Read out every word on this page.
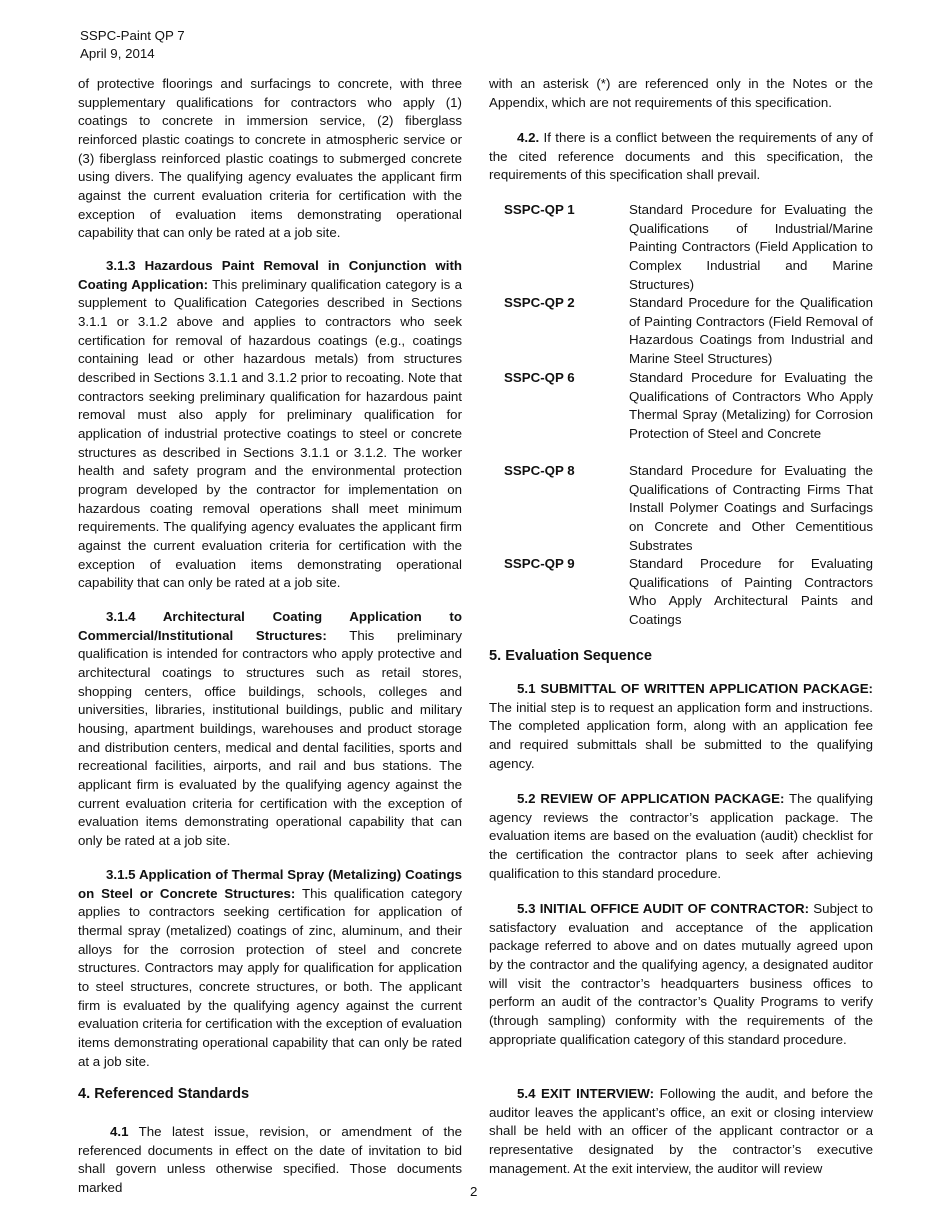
SSPC-Paint QP 7
April 9, 2014

of protective floorings and surfacings to concrete, with three supplementary qualifications for contractors who apply (1) coatings to concrete in immersion service, (2) fiberglass reinforced plastic coatings to concrete in atmospheric service or (3) fiberglass reinforced plastic coatings to submerged concrete using divers. The qualifying agency evaluates the applicant firm against the current evaluation criteria for certification with the exception of evaluation items demonstrating operational capability that can only be rated at a job site.

3.1.3 Hazardous Paint Removal in Conjunction with Coating Application: This preliminary qualification category is a supplement to Qualification Categories described in Sections 3.1.1 or 3.1.2 above and applies to contractors who seek certification for removal of hazardous coatings (e.g., coatings containing lead or other hazardous metals) from structures described in Sections 3.1.1 and 3.1.2 prior to recoating. Note that contractors seeking preliminary qualification for hazardous paint removal must also apply for preliminary qualification for application of industrial protective coatings to steel or concrete structures as described in Sections 3.1.1 or 3.1.2. The worker health and safety program and the environmental protection program developed by the contractor for implementation on hazardous coating removal operations shall meet minimum requirements. The qualifying agency evaluates the applicant firm against the current evaluation criteria for certification with the exception of evaluation items demonstrating operational capability that can only be rated at a job site.

3.1.4 Architectural Coating Application to Commercial/Institutional Structures: This preliminary qualification is intended for contractors who apply protective and architectural coatings to structures such as retail stores, shopping centers, office buildings, schools, colleges and universities, libraries, institutional buildings, public and military housing, apartment buildings, warehouses and product storage and distribution centers, medical and dental facilities, sports and recreational facilities, airports, and rail and bus stations. The applicant firm is evaluated by the qualifying agency against the current evaluation criteria for certification with the exception of evaluation items demonstrating operational capability that can only be rated at a job site.

3.1.5 Application of Thermal Spray (Metalizing) Coatings on Steel or Concrete Structures: This qualification category applies to contractors seeking certification for application of thermal spray (metalized) coatings of zinc, aluminum, and their alloys for the corrosion protection of steel and concrete structures. Contractors may apply for qualification for application to steel structures, concrete structures, or both. The applicant firm is evaluated by the qualifying agency against the current evaluation criteria for certification with the exception of evaluation items demonstrating operational capability that can only be rated at a job site.

4. Referenced Standards

4.1 The latest issue, revision, or amendment of the referenced documents in effect on the date of invitation to bid shall govern unless otherwise specified. Those documents marked

with an asterisk (*) are referenced only in the Notes or the Appendix, which are not requirements of this specification.

4.2. If there is a conflict between the requirements of any of the cited reference documents and this specification, the requirements of this specification shall prevail.

SSPC-QP 1	Standard Procedure for Evaluating the Qualifications of Industrial/Marine Painting Contractors (Field Application to Complex Industrial and Marine Structures)
SSPC-QP 2	Standard Procedure for the Qualification of Painting Contractors (Field Removal of Hazardous Coatings from Industrial and Marine Steel Structures)
SSPC-QP 6	Standard Procedure for Evaluating the Qualifications of Contractors Who Apply Thermal Spray (Metalizing) for Corrosion Protection of Steel and Concrete
SSPC-QP 8	Standard Procedure for Evaluating the Qualifications of Contracting Firms That Install Polymer Coatings and Surfacings on Concrete and Other Cementitious Substrates
SSPC-QP 9	Standard Procedure for Evaluating Qualifications of Painting Contractors Who Apply Architectural Paints and Coatings
5. Evaluation Sequence

5.1 SUBMITTAL OF WRITTEN APPLICATION PACKAGE: The initial step is to request an application form and instructions. The completed application form, along with an application fee and required submittals shall be submitted to the qualifying agency.

5.2 REVIEW OF APPLICATION PACKAGE: The qualifying agency reviews the contractor’s application package. The evaluation items are based on the evaluation (audit) checklist for the certification the contractor plans to seek after achieving qualification to this standard procedure.

5.3 INITIAL OFFICE AUDIT OF CONTRACTOR: Subject to satisfactory evaluation and acceptance of the application package referred to above and on dates mutually agreed upon by the contractor and the qualifying agency, a designated auditor will visit the contractor’s headquarters business offices to perform an audit of the contractor’s Quality Programs to verify (through sampling) conformity with the requirements of the appropriate qualification category of this standard procedure.

5.4 EXIT INTERVIEW: Following the audit, and before the auditor leaves the applicant’s office, an exit or closing interview shall be held with an officer of the applicant contractor or a representative designated by the contractor’s executive management. At the exit interview, the auditor will review

2
